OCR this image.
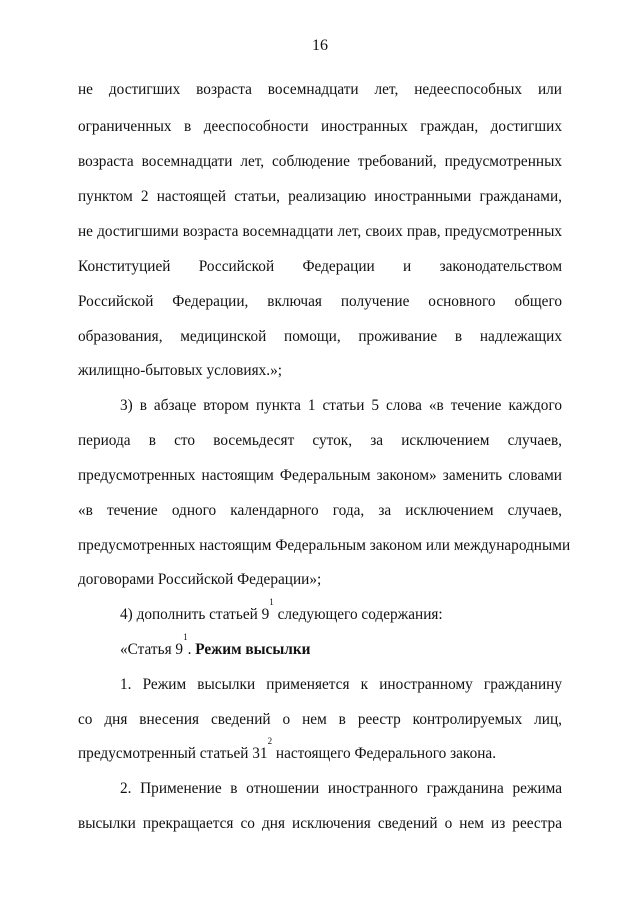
16
не достигших возраста восемнадцати лет, недееспособных или
ограниченных в дееспособности иностранных граждан, достигших
возраста восемнадцати лет, соблюдение требований, предусмотренных
пунктом 2 настоящей статьи, реализацию иностранными гражданами,
не достигшими возраста восемнадцати лет, своих прав, предусмотренных
Конституцией Российской Федерации и законодательством
Российской Федерации, включая получение основного общего
образования, медицинской помощи, проживание в надлежащих
жилищно-бытовых условиях.»;
3) в абзаце втором пункта 1 статьи 5 слова «в течение каждого
периода в сто восемьдесят суток, за исключением случаев,
предусмотренных настоящим Федеральным законом» заменить словами
«в течение одного календарного года, за исключением случаев,
предусмотренных настоящим Федеральным законом или международными
договорами Российской Федерации»;
4) дополнить статьей $9^1$ следующего содержания:
«Статья $9^1$. Режим высылки
1. Режим высылки применяется к иностранному гражданину
со дня внесения сведений о нем в реестр контролируемых лиц,
предусмотренный статьей $31^2$ настоящего Федерального закона.
2. Применение в отношении иностранного гражданина режима
высылки прекращается со дня исключения сведений о нем из реестра
